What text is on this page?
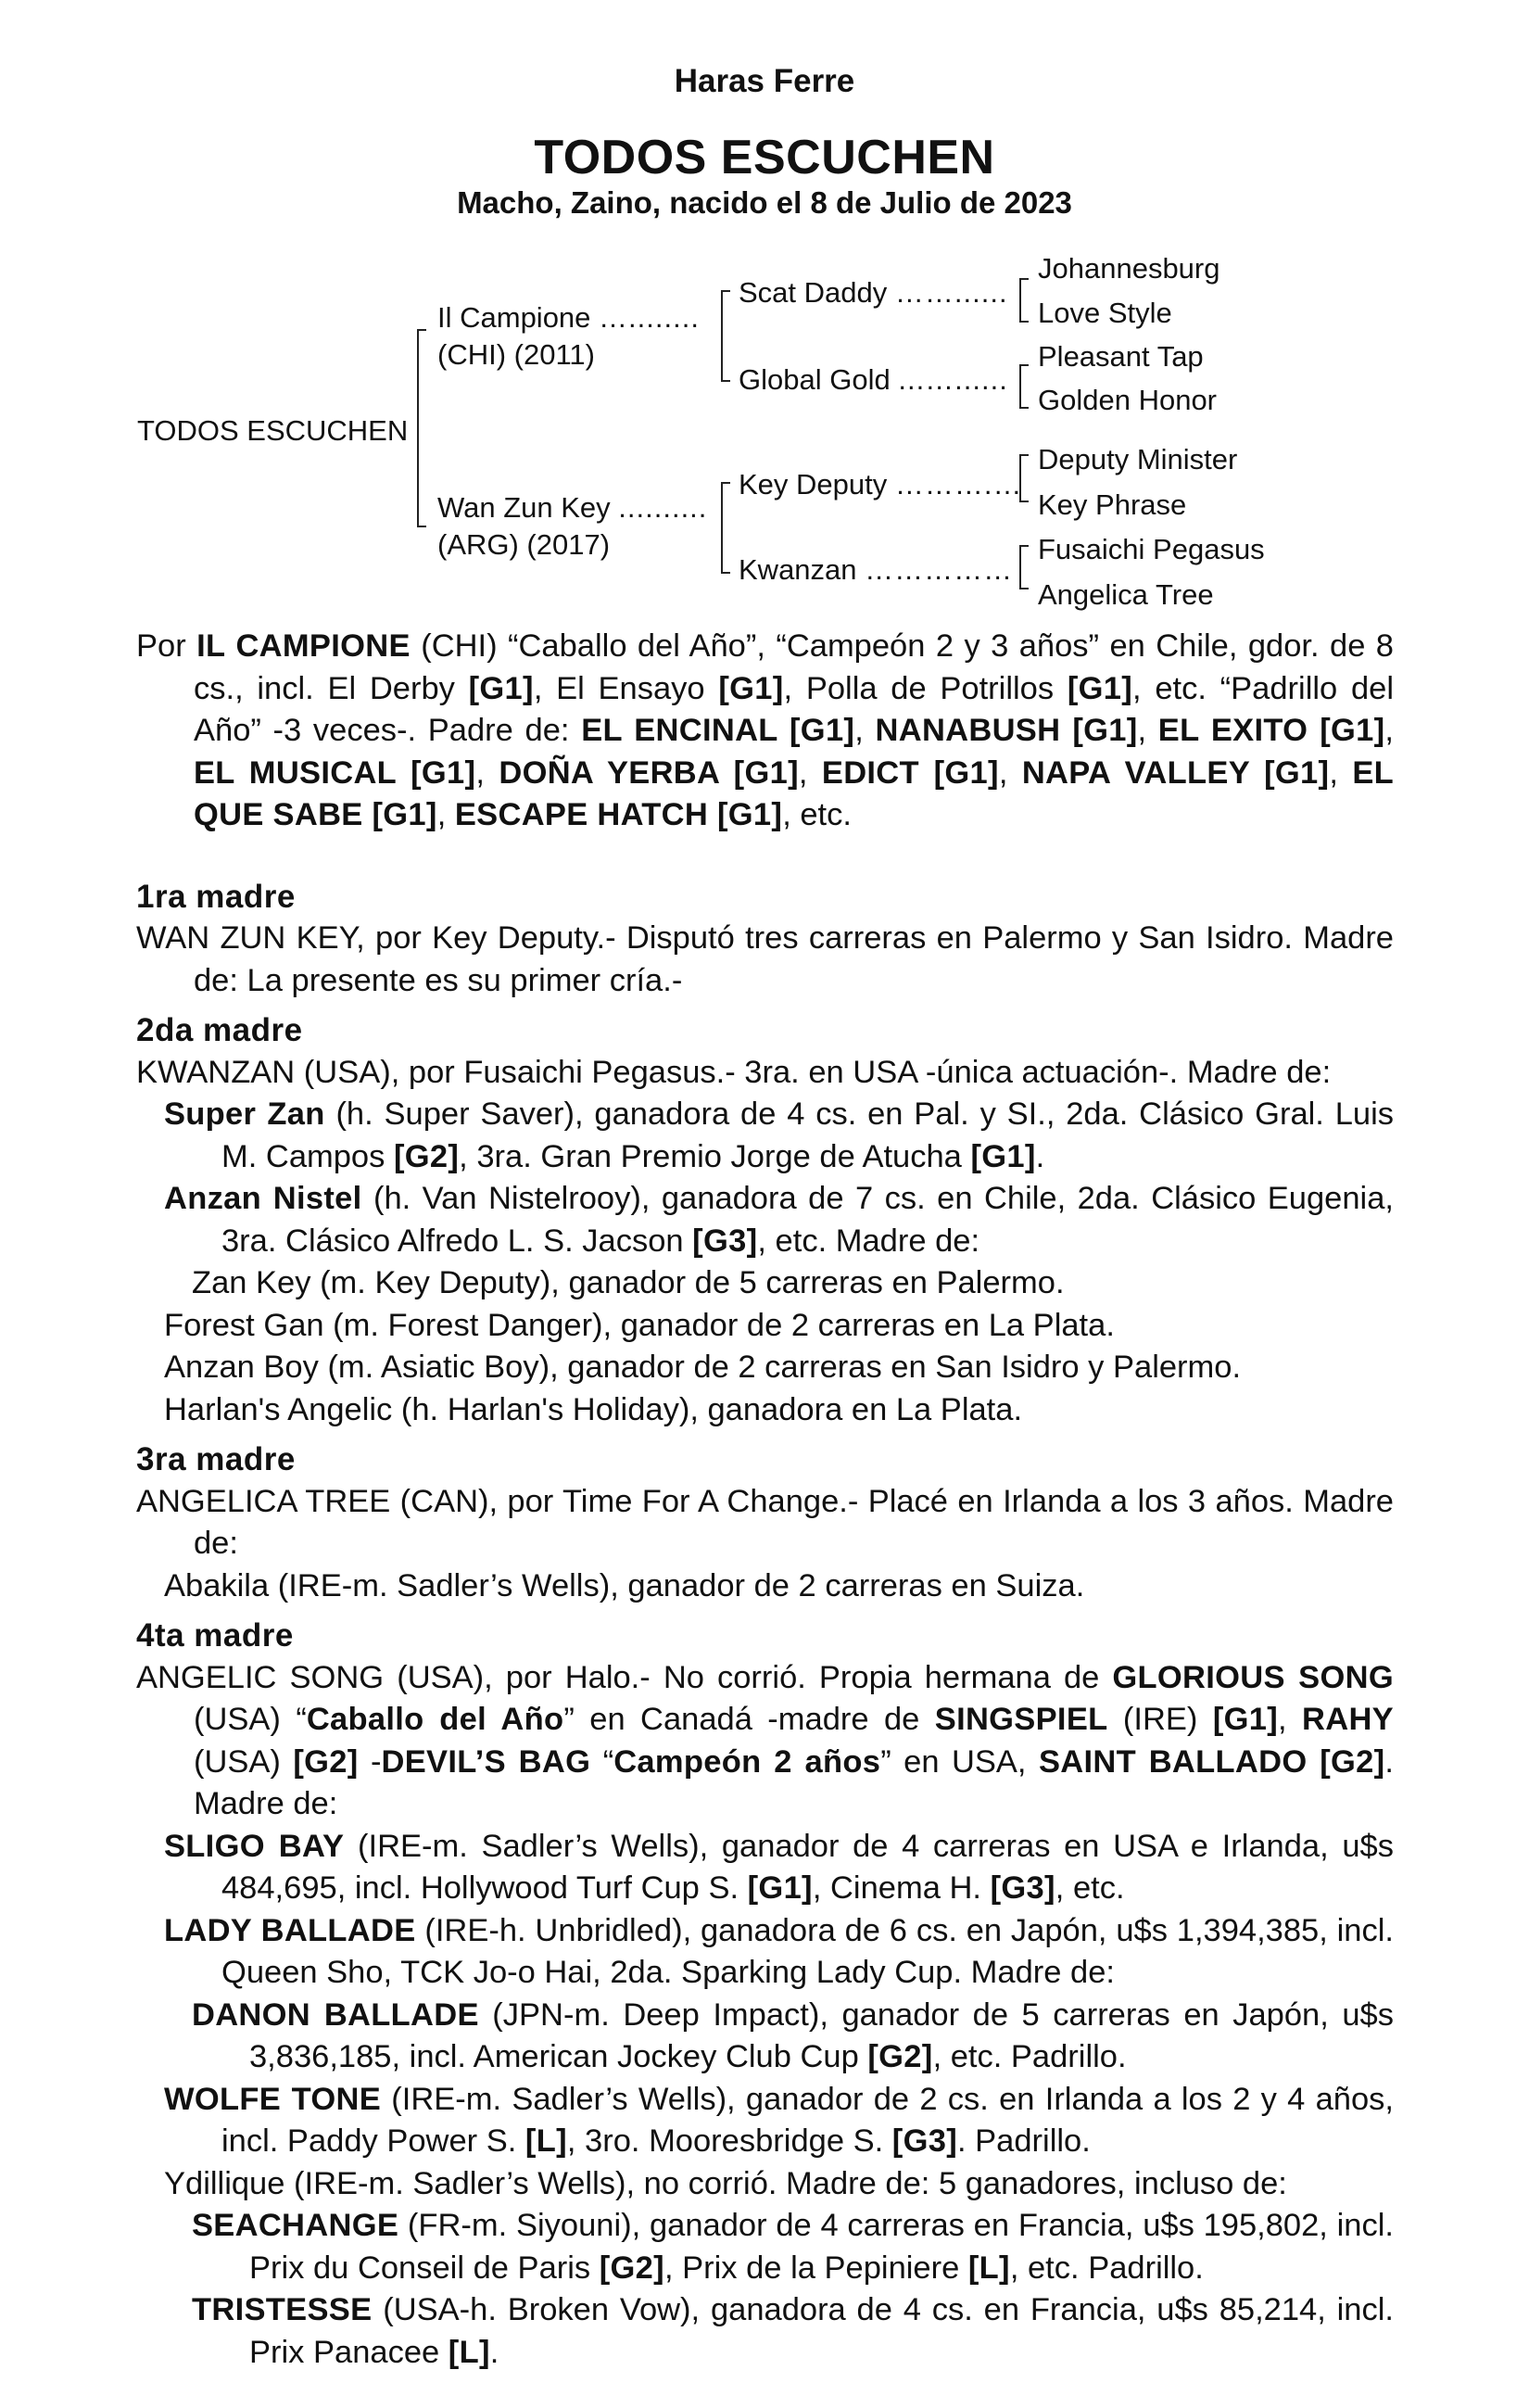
Haras Ferre
TODOS ESCUCHEN
Macho, Zaino, nacido el 8 de Julio de 2023
TODOS ESCUCHEN
Il Campione …........
(CHI) (2011)
Wan Zun Key ..........
(ARG) (2017)
Scat Daddy ……......
Global Gold ...…......
Key Deputy ……….…
Kwanzan ……………
Johannesburg
Love Style
Pleasant Tap
Golden Honor
Deputy Minister
Key Phrase
Fusaichi Pegasus
Angelica Tree

Por IL CAMPIONE (CHI) “Caballo del Año”, “Campeón 2 y 3 años” en Chile, gdor. de 8 cs., incl. El Derby [G1], El Ensayo [G1], Polla de Potrillos [G1], etc. “Padrillo del Año” -3 veces-. Padre de: EL ENCINAL [G1], NANABUSH [G1], EL EXITO [G1], EL MUSICAL [G1], DOÑA YERBA [G1], EDICT [G1], NAPA VALLEY [G1], EL QUE SABE [G1], ESCAPE HATCH [G1], etc.

1ra madre

WAN ZUN KEY, por Key Deputy.- Disputó tres carreras en Palermo y San Isidro. Madre de: La presente es su primer cría.-

2da madre

KWANZAN (USA), por Fusaichi Pegasus.- 3ra. en USA -única actuación-. Madre de:

Super Zan (h. Super Saver), ganadora de 4 cs. en Pal. y SI., 2da. Clásico Gral. Luis M. Campos [G2], 3ra. Gran Premio Jorge de Atucha [G1].

Anzan Nistel (h. Van Nistelrooy), ganadora de 7 cs. en Chile, 2da. Clásico Eugenia, 3ra. Clásico Alfredo L. S. Jacson [G3], etc. Madre de:

Zan Key (m. Key Deputy), ganador de 5 carreras en Palermo.

Forest Gan (m. Forest Danger), ganador de 2 carreras en La Plata.

Anzan Boy (m. Asiatic Boy), ganador de 2 carreras en San Isidro y Palermo.

Harlan's Angelic (h. Harlan's Holiday), ganadora en La Plata.

3ra madre

ANGELICA TREE (CAN), por Time For A Change.- Placé en Irlanda a los 3 años. Madre de:

Abakila (IRE-m. Sadler’s Wells), ganador de 2 carreras en Suiza.

4ta madre

ANGELIC SONG (USA), por Halo.- No corrió. Propia hermana de GLORIOUS SONG (USA) “Caballo del Año” en Canadá -madre de SINGSPIEL (IRE) [G1], RAHY (USA) [G2] -DEVIL’S BAG “Campeón 2 años” en USA, SAINT BALLADO [G2]. Madre de:

SLIGO BAY (IRE-m. Sadler’s Wells), ganador de 4 carreras en USA e Irlanda, u$s 484,695, incl. Hollywood Turf Cup S. [G1], Cinema H. [G3], etc.

LADY BALLADE (IRE-h. Unbridled), ganadora de 6 cs. en Japón, u$s 1,394,385, incl. Queen Sho, TCK Jo-o Hai, 2da. Sparking Lady Cup. Madre de:

DANON BALLADE (JPN-m. Deep Impact), ganador de 5 carreras en Japón, u$s 3,836,185, incl. American Jockey Club Cup [G2], etc. Padrillo.

WOLFE TONE (IRE-m. Sadler’s Wells), ganador de 2 cs. en Irlanda a los 2 y 4 años, incl. Paddy Power S. [L], 3ro. Mooresbridge S. [G3]. Padrillo.

Ydillique (IRE-m. Sadler’s Wells), no corrió. Madre de: 5 ganadores, incluso de:

SEACHANGE (FR-m. Siyouni), ganador de 4 carreras en Francia, u$s 195,802, incl. Prix du Conseil de Paris [G2], Prix de la Pepiniere [L], etc. Padrillo.

TRISTESSE (USA-h. Broken Vow), ganadora de 4 cs. en Francia, u$s 85,214, incl. Prix Panacee [L].
